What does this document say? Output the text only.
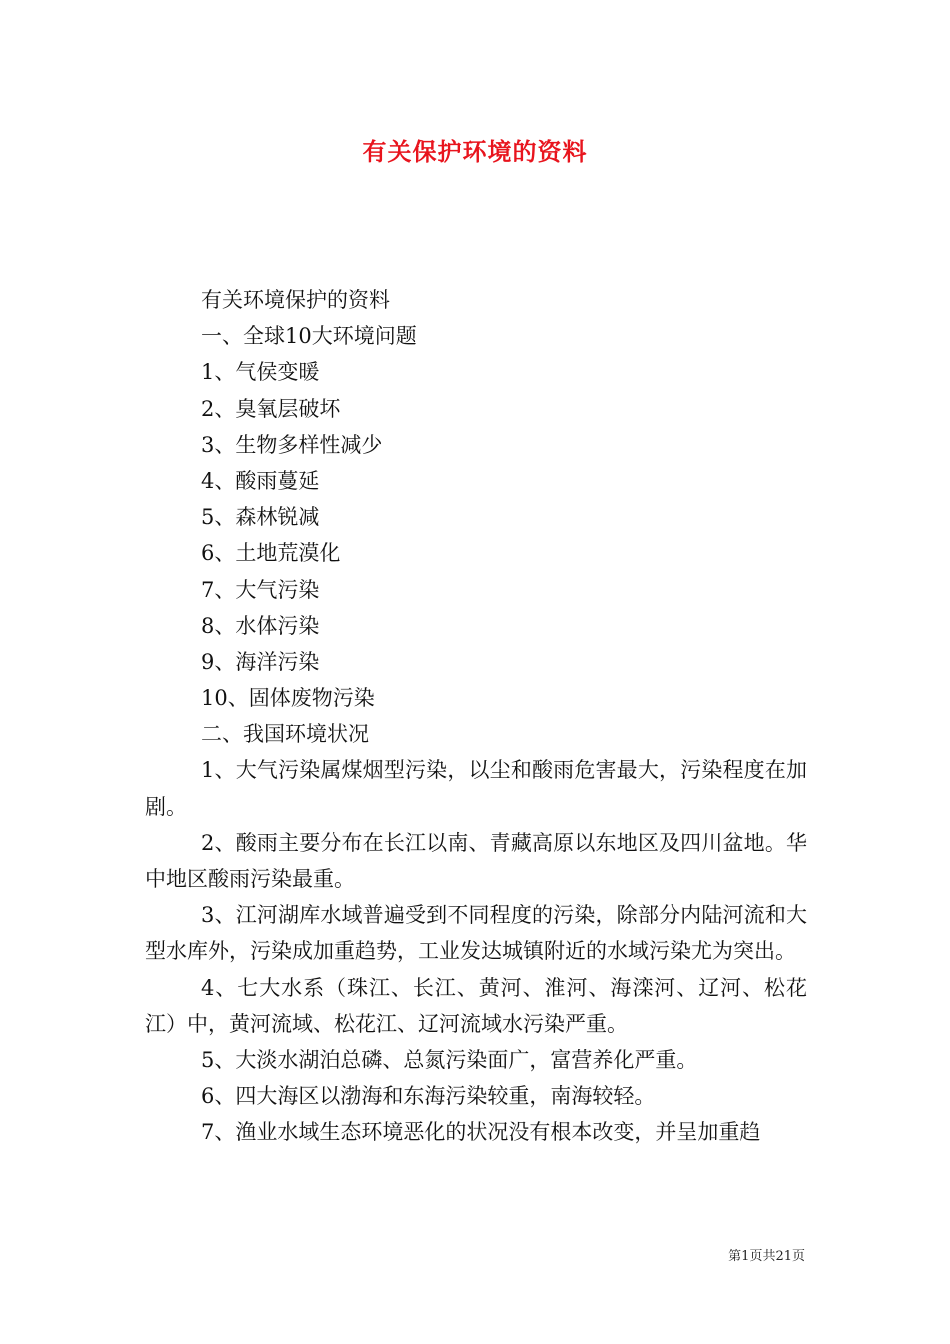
有关保护环境的资料
有关环境保护的资料
一、全球10大环境问题
1、气侯变暖
2、臭氧层破坏
3、生物多样性减少
4、酸雨蔓延
5、森林锐减
6、土地荒漠化
7、大气污染
8、水体污染
9、海洋污染
10、固体废物污染
二、我国环境状况
1、大气污染属煤烟型污染，以尘和酸雨危害最大，污染程度在加剧。
2、酸雨主要分布在长江以南、青藏高原以东地区及四川盆地。华中地区酸雨污染最重。
3、江河湖库水域普遍受到不同程度的污染，除部分内陆河流和大型水库外，污染成加重趋势，工业发达城镇附近的水域污染尤为突出。
4、七大水系（珠江、长江、黄河、淮河、海滦河、辽河、松花江）中，黄河流域、松花江、辽河流域水污染严重。
5、大淡水湖泊总磷、总氮污染面广，富营养化严重。
6、四大海区以渤海和东海污染较重，南海较轻。
7、渔业水域生态环境恶化的状况没有根本改变，并呈加重趋
第1页共21页
